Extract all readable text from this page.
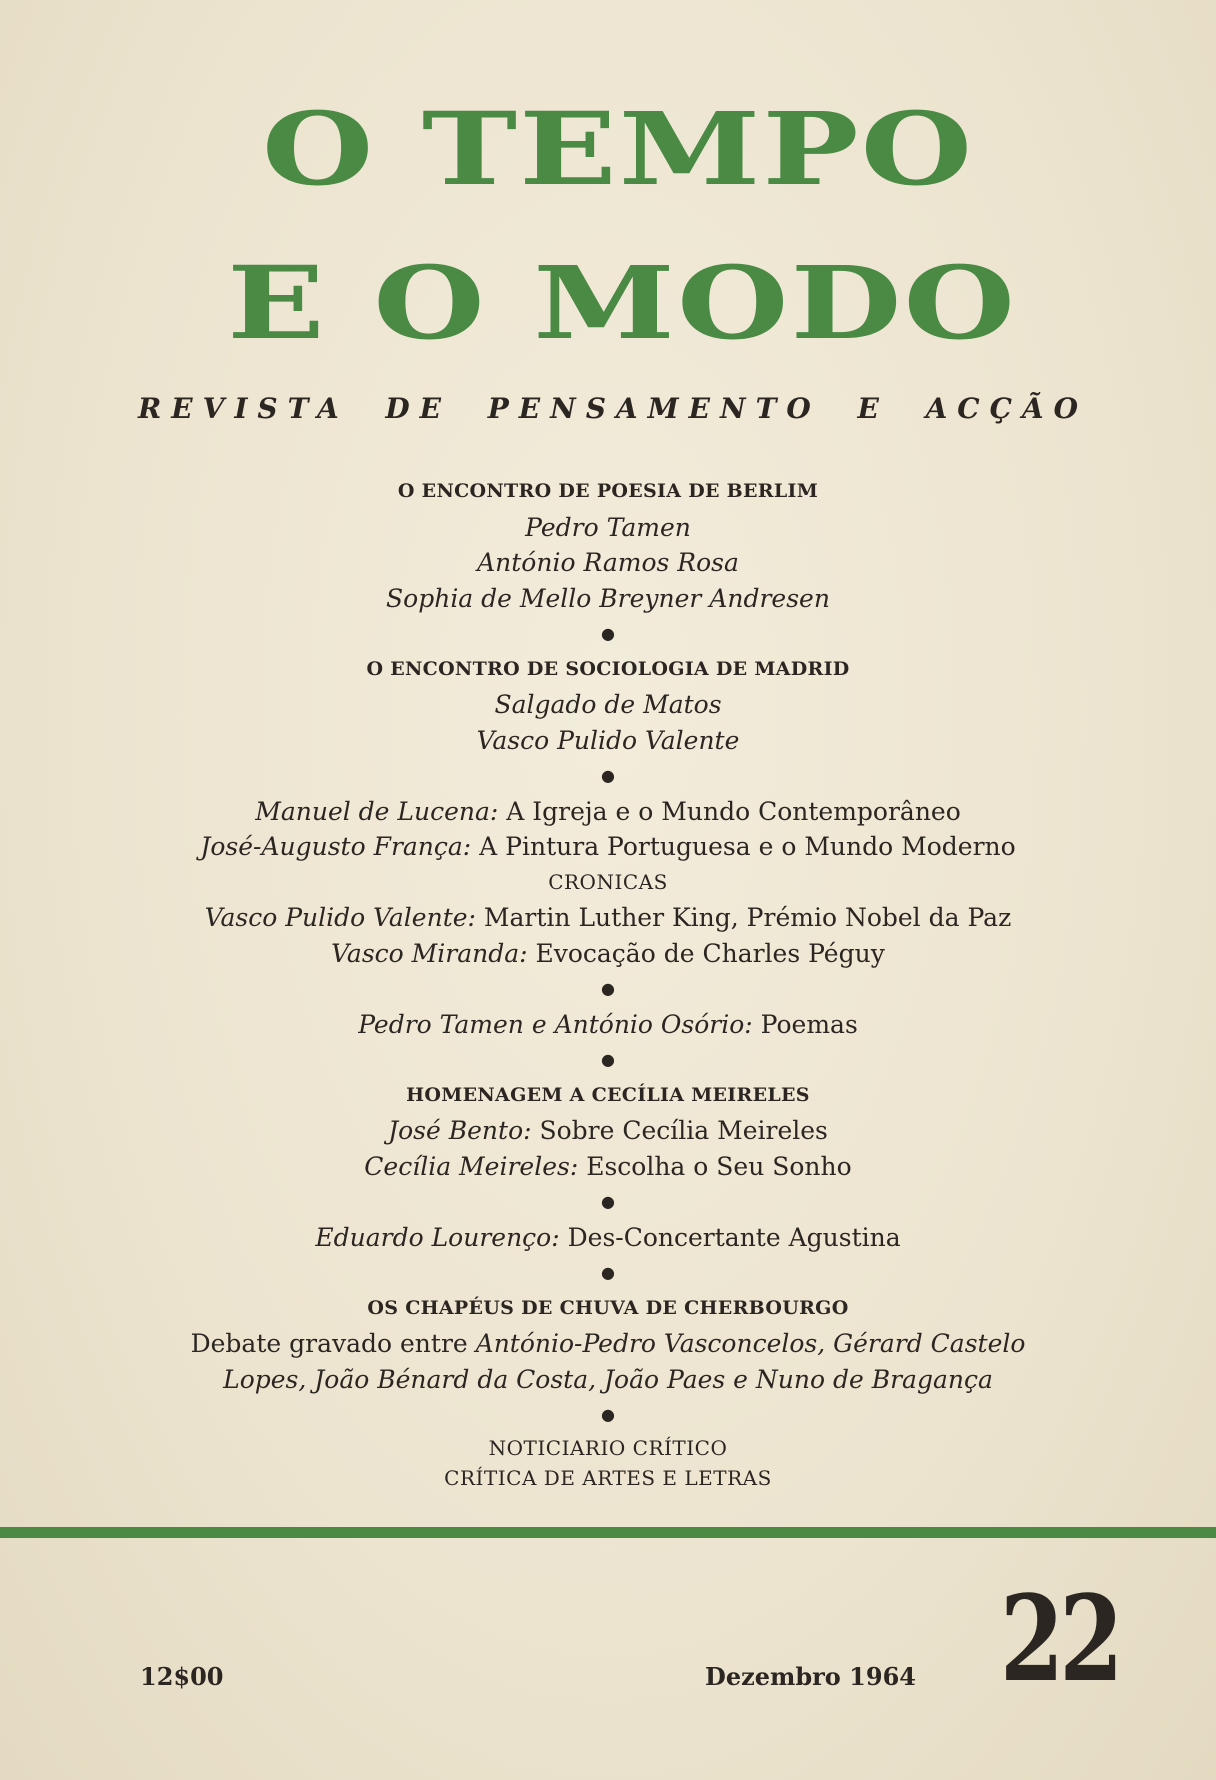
O TEMPO
E O MODO
REVISTA DE PENSAMENTO E ACÇÃO
O ENCONTRO DE POESIA DE BERLIM
Pedro Tamen
António Ramos Rosa
Sophia de Mello Breyner Andresen
●
O ENCONTRO DE SOCIOLOGIA DE MADRID
Salgado de Matos
Vasco Pulido Valente
●
Manuel de Lucena: A Igreja e o Mundo Contemporâneo
José-Augusto França: A Pintura Portuguesa e o Mundo Moderno
CRONICAS
Vasco Pulido Valente: Martin Luther King, Prémio Nobel da Paz
Vasco Miranda: Evocação de Charles Péguy
●
Pedro Tamen e António Osório: Poemas
●
HOMENAGEM A CECÍLIA MEIRELES
José Bento: Sobre Cecília Meireles
Cecília Meireles: Escolha o Seu Sonho
●
Eduardo Lourenço: Des-Concertante Agustina
●
OS CHAPÉUS DE CHUVA DE CHERBOURGO
Debate gravado entre António-Pedro Vasconcelos, Gérard Castelo
Lopes, João Bénard da Costa, João Paes e Nuno de Bragança
●
NOTICIARIO CRÍTICO
CRÍTICA DE ARTES E LETRAS
12$00	Dezembro 1964 22
